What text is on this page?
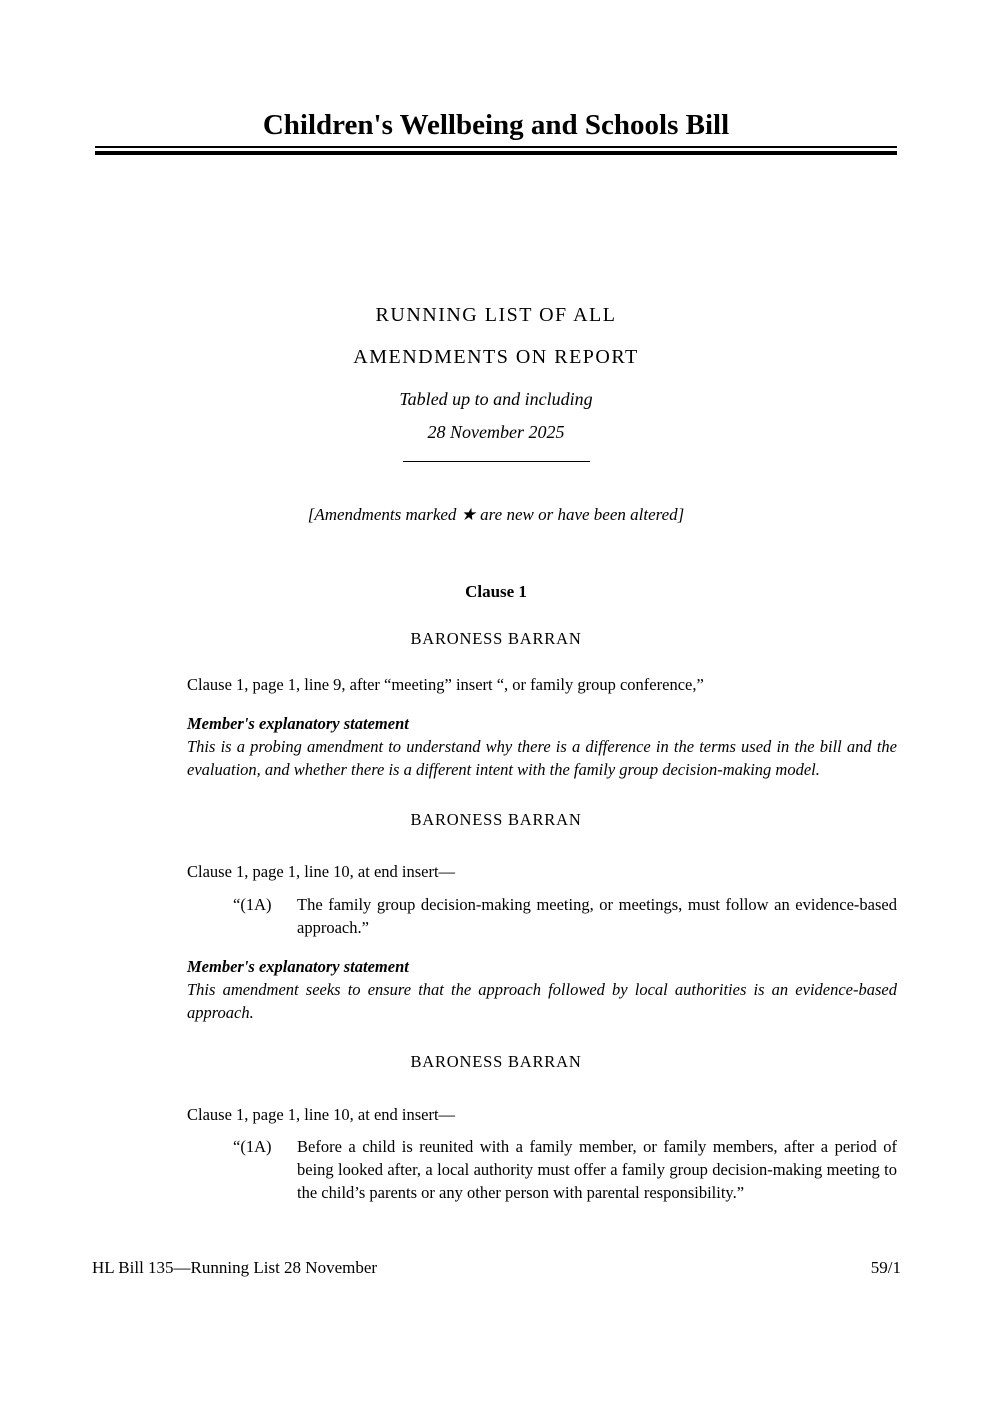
Children's Wellbeing and Schools Bill
RUNNING LIST OF ALL
AMENDMENTS ON REPORT
Tabled up to and including
28 November 2025
[Amendments marked ★ are new or have been altered]
Clause 1
BARONESS BARRAN
Clause 1, page 1, line 9, after “meeting” insert “, or family group conference,”
Member's explanatory statement
This is a probing amendment to understand why there is a difference in the terms used in the bill and the evaluation, and whether there is a different intent with the family group decision-making model.
BARONESS BARRAN
Clause 1, page 1, line 10, at end insert—
“(1A) The family group decision-making meeting, or meetings, must follow an evidence-based approach.”
Member's explanatory statement
This amendment seeks to ensure that the approach followed by local authorities is an evidence-based approach.
BARONESS BARRAN
Clause 1, page 1, line 10, at end insert—
“(1A) Before a child is reunited with a family member, or family members, after a period of being looked after, a local authority must offer a family group decision-making meeting to the child’s parents or any other person with parental responsibility.”
HL Bill 135—Running List 28 November	59/1
